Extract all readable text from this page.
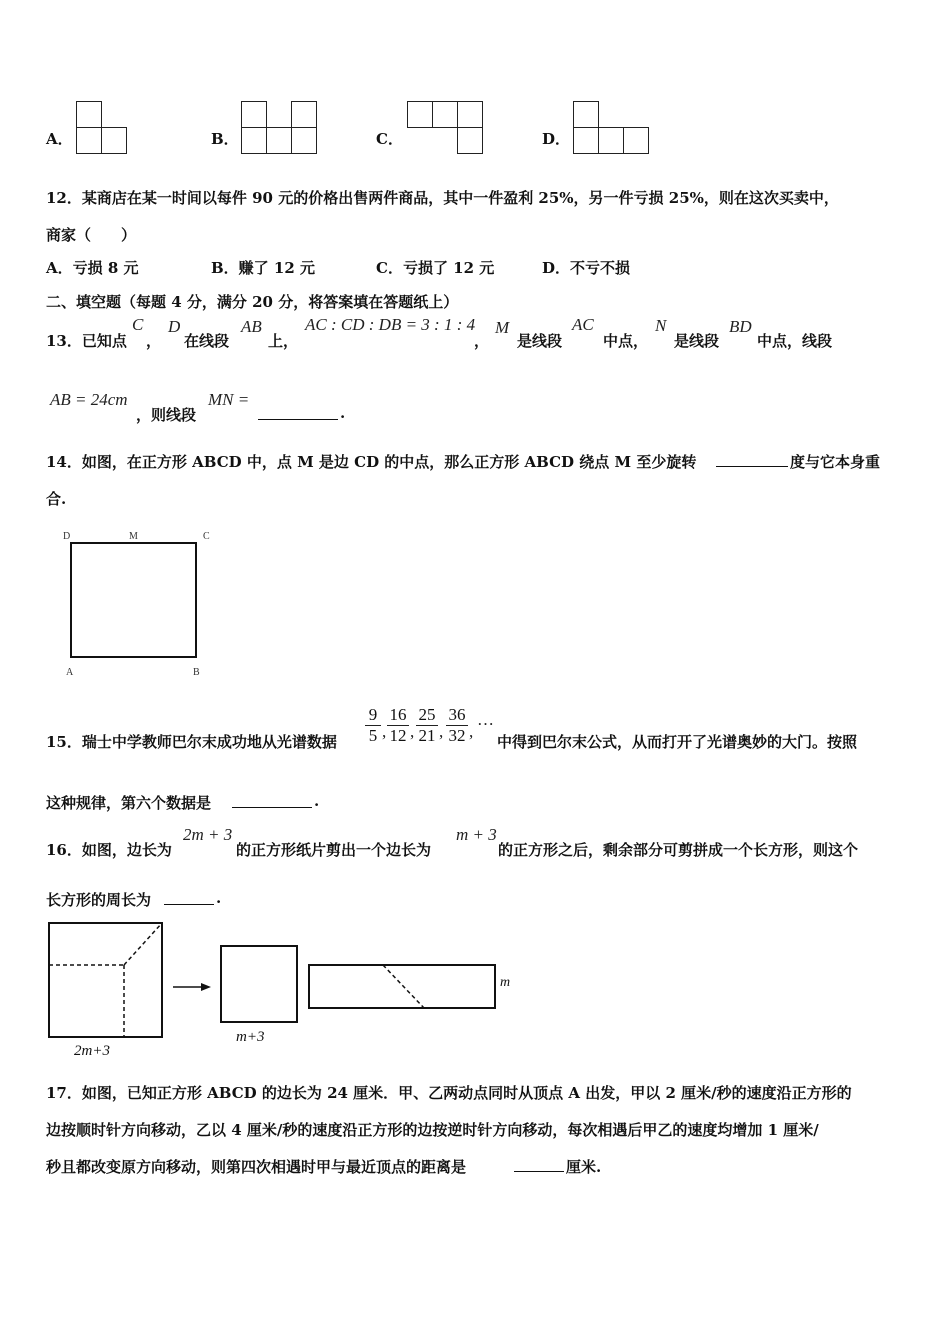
A．	B．	C．	D．
12．某商店在某一时间以每件 90 元的价格出售两件商品，其中一件盈利 25%，另一件亏损 25%，则在这次买卖中，
商家（　　）
A．亏损 8 元	B．赚了 12 元	C．亏损了 12 元	D．不亏不损
二、填空题（每题 4 分，满分 20 分，将答案填在答题纸上）
13．已知点
C
，
D
在线段
AB
上，
AC : CD : DB = 3 : 1 : 4
，
M
是线段
AC
中点，
N
是线段
BD
中点，线段
AB = 24cm
，则线段
MN =
.
14．如图，在正方形 ABCD 中，点 M 是边 CD 的中点，那么正方形 ABCD 绕点 M 至少旋转	度与它本身重
合.
D	M	C
A	B
15．瑞士中学教师巴尔末成功地从光谱数据 $\frac{9}{5}$ , $\frac{16}{12}$ , $\frac{25}{21}$ , $\frac{36}{32}$ ,
…
中得到巴尔末公式，从而打开了光谱奥妙的大门。按照
这种规律，第六个数据是	.
16．如图，边长为
2m + 3
的正方形纸片剪出一个边长为
m + 3
的正方形之后，剩余部分可剪拼成一个长方形，则这个
长方形的周长为	.
2m+3
m+3
m
17．如图，已知正方形 ABCD 的边长为 24 厘米．甲、乙两动点同时从顶点 A 出发，甲以 2 厘米/秒的速度沿正方形的
边按顺时针方向移动，乙以 4 厘米/秒的速度沿正方形的边按逆时针方向移动，每次相遇后甲乙的速度均增加 1 厘米/
秒且都改变原方向移动，则第四次相遇时甲与最近顶点的距离是	厘米.
